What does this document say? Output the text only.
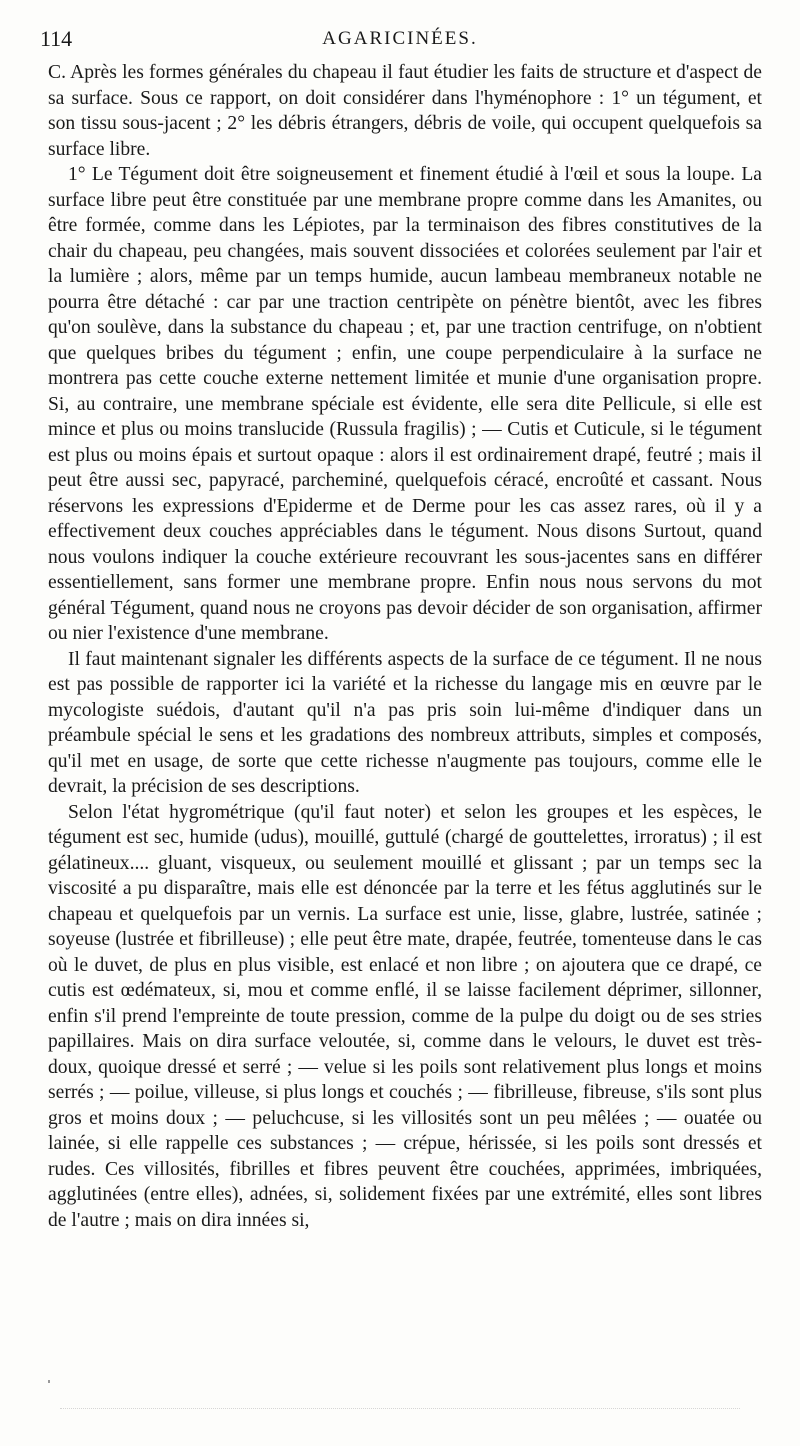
114	AGARICINÉES.

C. Après les formes générales du chapeau il faut étudier les faits de structure et d'aspect de sa surface. Sous ce rapport, on doit considérer dans l'hyménophore : 1° un tégument, et son tissu sous-jacent ; 2° les débris étrangers, débris de voile, qui occupent quelquefois sa surface libre.

1° Le Tégument doit être soigneusement et finement étudié à l'œil et sous la loupe. La surface libre peut être constituée par une membrane propre comme dans les Amanites, ou être formée, comme dans les Lépiotes, par la terminaison des fibres constitutives de la chair du chapeau, peu changées, mais souvent dissociées et colorées seulement par l'air et la lumière ; alors, même par un temps humide, aucun lambeau membraneux notable ne pourra être détaché : car par une traction centripète on pénètre bientôt, avec les fibres qu'on soulève, dans la substance du chapeau ; et, par une traction centrifuge, on n'obtient que quelques bribes du tégument ; enfin, une coupe perpendiculaire à la surface ne montrera pas cette couche externe nettement limitée et munie d'une organisation propre. Si, au contraire, une membrane spéciale est évidente, elle sera dite Pellicule, si elle est mince et plus ou moins translucide (Russula fragilis) ; — Cutis et Cuticule, si le tégument est plus ou moins épais et surtout opaque : alors il est ordinairement drapé, feutré ; mais il peut être aussi sec, papyracé, parcheminé, quelquefois céracé, encroûté et cassant. Nous réservons les expressions d'Epiderme et de Derme pour les cas assez rares, où il y a effectivement deux couches appréciables dans le tégument. Nous disons Surtout, quand nous voulons indiquer la couche extérieure recouvrant les sous-jacentes sans en différer essentiellement, sans former une membrane propre. Enfin nous nous servons du mot général Tégument, quand nous ne croyons pas devoir décider de son organisation, affirmer ou nier l'existence d'une membrane.

Il faut maintenant signaler les différents aspects de la surface de ce tégument. Il ne nous est pas possible de rapporter ici la variété et la richesse du langage mis en œuvre par le mycologiste suédois, d'autant qu'il n'a pas pris soin lui-même d'indiquer dans un préambule spécial le sens et les gradations des nombreux attributs, simples et composés, qu'il met en usage, de sorte que cette richesse n'augmente pas toujours, comme elle le devrait, la précision de ses descriptions.

Selon l'état hygrométrique (qu'il faut noter) et selon les groupes et les espèces, le tégument est sec, humide (udus), mouillé, guttulé (chargé de gouttelettes, irroratus) ; il est gélatineux.... gluant, visqueux, ou seulement mouillé et glissant ; par un temps sec la viscosité a pu disparaître, mais elle est dénoncée par la terre et les fétus agglutinés sur le chapeau et quelquefois par un vernis. La surface est unie, lisse, glabre, lustrée, satinée ; soyeuse (lustrée et fibrilleuse) ; elle peut être mate, drapée, feutrée, tomenteuse dans le cas où le duvet, de plus en plus visible, est enlacé et non libre ; on ajoutera que ce drapé, ce cutis est œdémateux, si, mou et comme enflé, il se laisse facilement déprimer, sillonner, enfin s'il prend l'empreinte de toute pression, comme de la pulpe du doigt ou de ses stries papillaires. Mais on dira surface veloutée, si, comme dans le velours, le duvet est très-doux, quoique dressé et serré ; — velue si les poils sont relativement plus longs et moins serrés ; — poilue, villeuse, si plus longs et couchés ; — fibrilleuse, fibreuse, s'ils sont plus gros et moins doux ; — peluchcuse, si les villosités sont un peu mêlées ; — ouatée ou lainée, si elle rappelle ces substances ; — crépue, hérissée, si les poils sont dressés et rudes. Ces villosités, fibrilles et fibres peuvent être couchées, apprimées, imbriquées, agglutinées (entre elles), adnées, si, solidement fixées par une extrémité, elles sont libres de l'autre ; mais on dira innées si,
